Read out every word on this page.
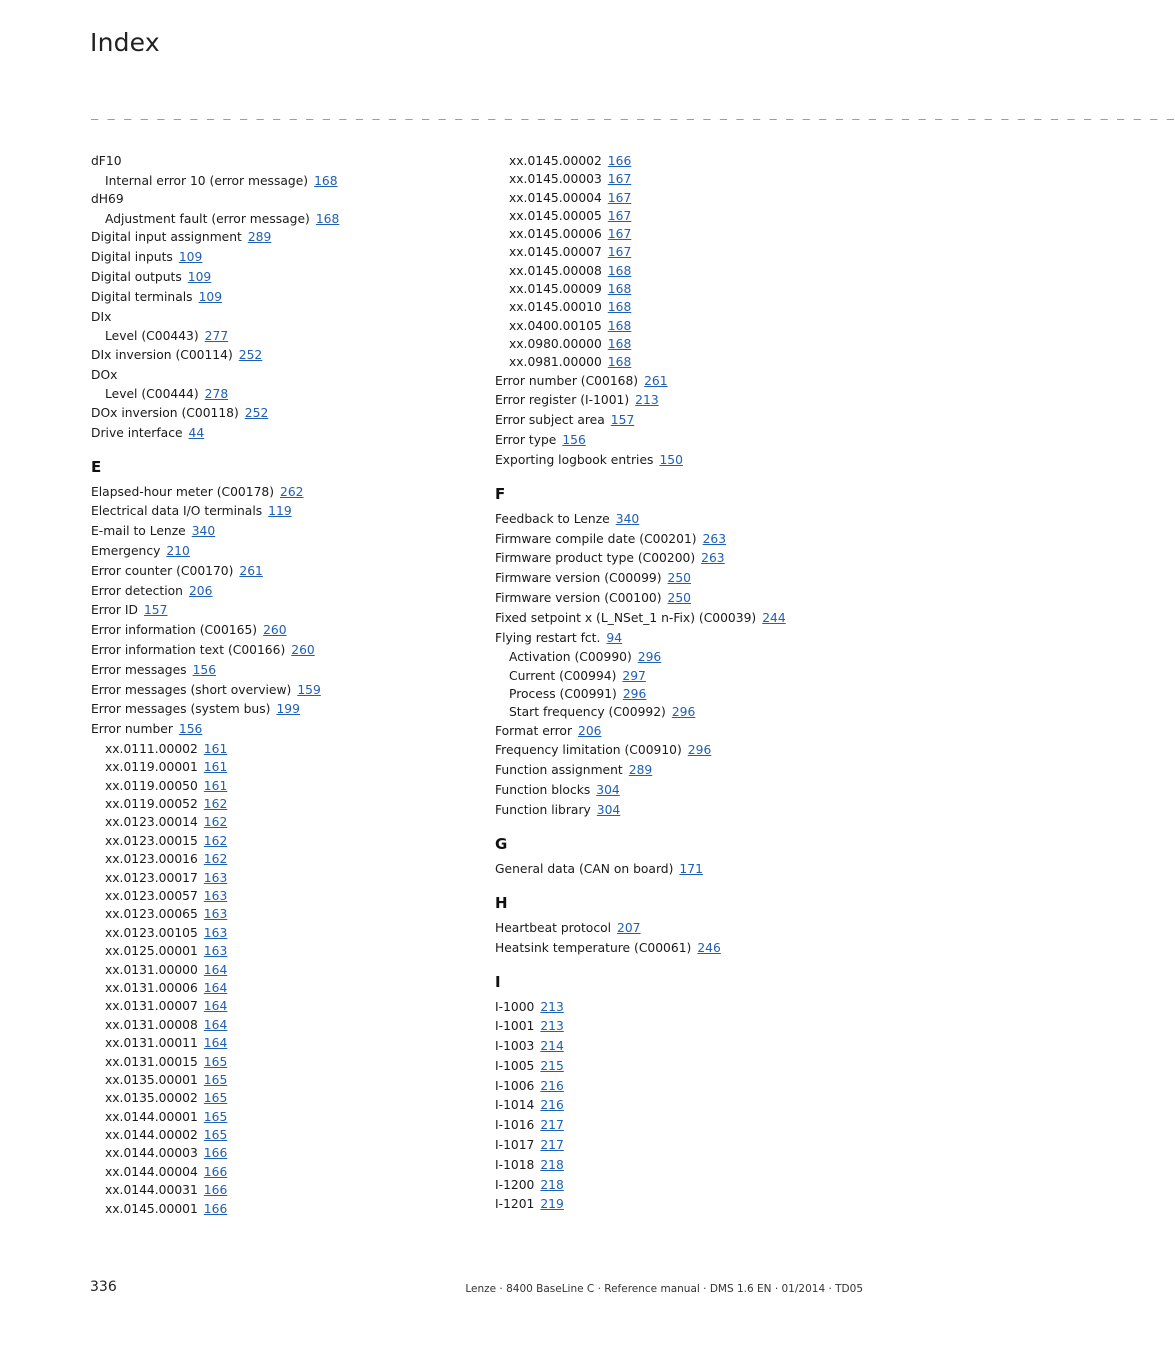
Index
_ _ _ _ _ _ _ _ _ _ _ _ _ _ _ _ _ _ _ _ _ _ _ _ _ _ _ _ _ _ _ _ _ _ _ _ _ _ _ _ _ _ _ _ _ _ _ _ _ _ _ _ _ _ _ _ _ _ _ _ _ _ _ _ _ _
dF10
Internal error 10 (error message) 168
dH69
Adjustment fault (error message) 168
Digital input assignment 289
Digital inputs 109
Digital outputs 109
Digital terminals 109
DIx
Level (C00443) 277
DIx inversion (C00114) 252
DOx
Level (C00444) 278
DOx inversion (C00118) 252
Drive interface 44
E
Elapsed-hour meter (C00178) 262
Electrical data I/O terminals 119
E-mail to Lenze 340
Emergency 210
Error counter (C00170) 261
Error detection 206
Error ID 157
Error information (C00165) 260
Error information text (C00166) 260
Error messages 156
Error messages (short overview) 159
Error messages (system bus) 199
Error number 156
xx.0111.00002 161
xx.0119.00001 161
xx.0119.00050 161
xx.0119.00052 162
xx.0123.00014 162
xx.0123.00015 162
xx.0123.00016 162
xx.0123.00017 163
xx.0123.00057 163
xx.0123.00065 163
xx.0123.00105 163
xx.0125.00001 163
xx.0131.00000 164
xx.0131.00006 164
xx.0131.00007 164
xx.0131.00008 164
xx.0131.00011 164
xx.0131.00015 165
xx.0135.00001 165
xx.0135.00002 165
xx.0144.00001 165
xx.0144.00002 165
xx.0144.00003 166
xx.0144.00004 166
xx.0144.00031 166
xx.0145.00001 166
xx.0145.00002 166
xx.0145.00003 167
xx.0145.00004 167
xx.0145.00005 167
xx.0145.00006 167
xx.0145.00007 167
xx.0145.00008 168
xx.0145.00009 168
xx.0145.00010 168
xx.0400.00105 168
xx.0980.00000 168
xx.0981.00000 168
Error number (C00168) 261
Error register (I-1001) 213
Error subject area 157
Error type 156
Exporting logbook entries 150
F
Feedback to Lenze 340
Firmware compile date (C00201) 263
Firmware product type (C00200) 263
Firmware version (C00099) 250
Firmware version (C00100) 250
Fixed setpoint x (L_NSet_1 n-Fix) (C00039) 244
Flying restart fct. 94
Activation (C00990) 296
Current (C00994) 297
Process (C00991) 296
Start frequency (C00992) 296
Format error 206
Frequency limitation (C00910) 296
Function assignment 289
Function blocks 304
Function library 304
G
General data (CAN on board) 171
H
Heartbeat protocol 207
Heatsink temperature (C00061) 246
I
I-1000 213
I-1001 213
I-1003 214
I-1005 215
I-1006 216
I-1014 216
I-1016 217
I-1017 217
I-1018 218
I-1200 218
I-1201 219
336	Lenze · 8400 BaseLine C · Reference manual · DMS 1.6 EN · 01/2014 · TD05
